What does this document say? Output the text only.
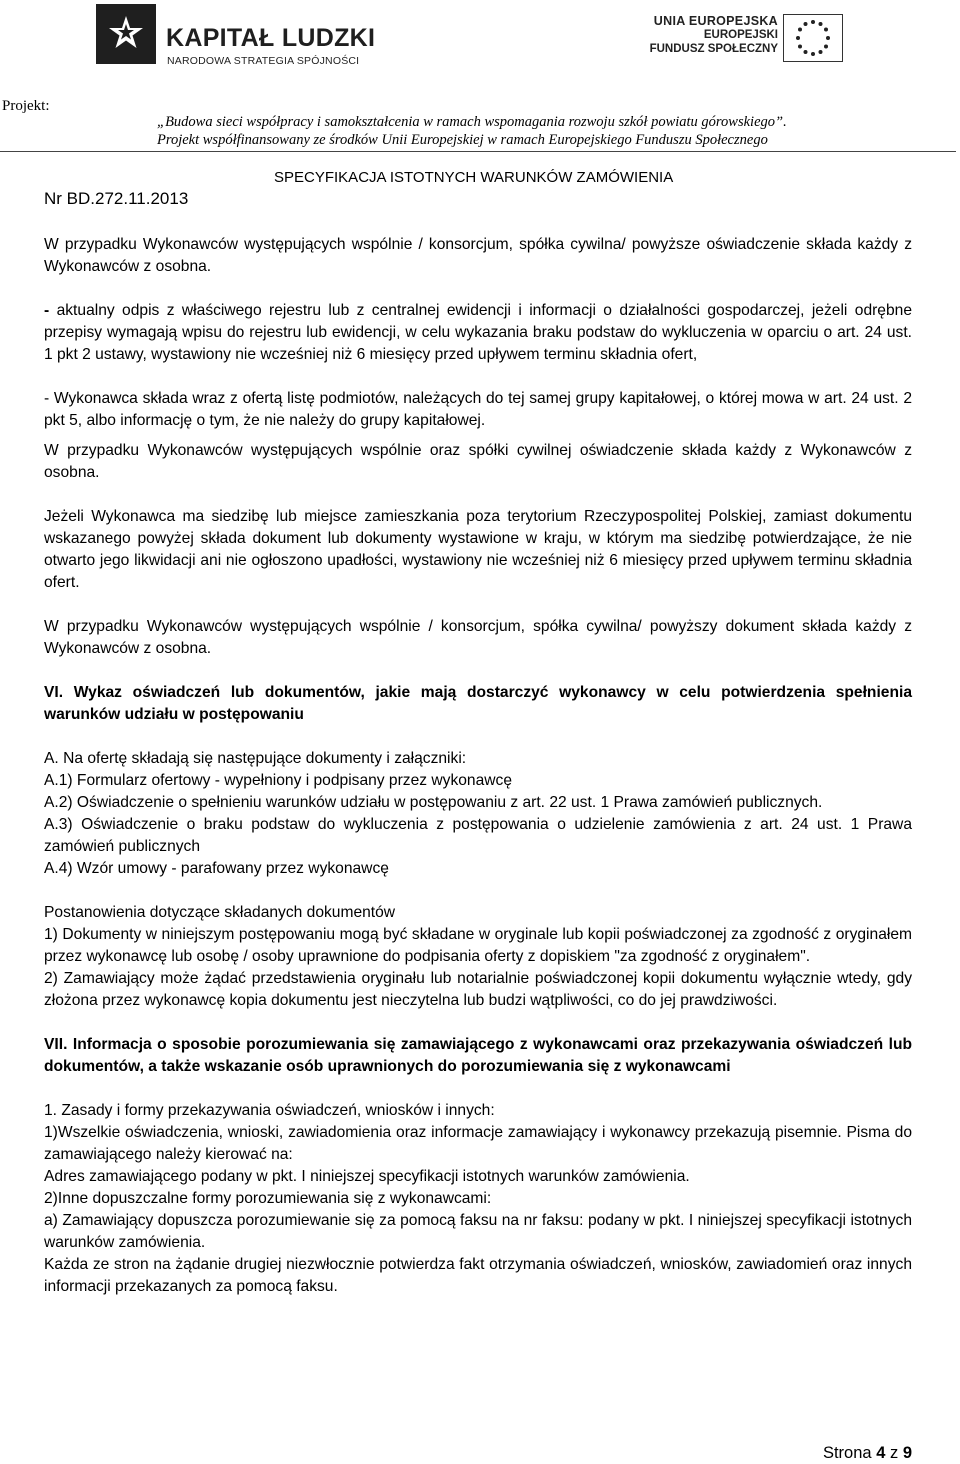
KAPITAŁ LUDZKI
NARODOWA STRATEGIA SPÓJNOŚCI
UNIA EUROPEJSKA
EUROPEJSKI
FUNDUSZ SPOŁECZNY
Projekt:
„Budowa sieci współpracy i samokształcenia w ramach wspomagania rozwoju szkół powiatu górowskiego”.
Projekt współfinansowany ze środków Unii Europejskiej w ramach Europejskiego Funduszu Społecznego
SPECYFIKACJA ISTOTNYCH WARUNKÓW ZAMÓWIENIA
Nr BD.272.11.2013

W przypadku Wykonawców występujących wspólnie / konsorcjum, spółka cywilna/ powyższe oświadczenie składa każdy z Wykonawców z osobna.

- aktualny odpis z właściwego rejestru lub z centralnej ewidencji i informacji o działalności gospodarczej, jeżeli odrębne przepisy wymagają wpisu do rejestru lub ewidencji, w celu wykazania braku podstaw do wykluczenia w oparciu o art. 24 ust. 1 pkt 2 ustawy, wystawiony nie wcześniej niż 6 miesięcy przed upływem terminu składnia ofert,

- Wykonawca składa wraz z ofertą listę podmiotów, należących do tej samej grupy kapitałowej, o której mowa w art. 24 ust. 2 pkt 5, albo informację o tym, że nie należy do grupy kapitałowej.

W przypadku Wykonawców występujących wspólnie oraz spółki cywilnej oświadczenie składa każdy z Wykonawców z osobna.

Jeżeli Wykonawca ma siedzibę lub miejsce zamieszkania poza terytorium Rzeczypospolitej Polskiej, zamiast dokumentu wskazanego powyżej składa dokument lub dokumenty wystawione w kraju, w którym ma siedzibę potwierdzające, że nie otwarto jego likwidacji ani nie ogłoszono upadłości, wystawiony nie wcześniej niż 6 miesięcy przed upływem terminu składnia ofert.

W przypadku Wykonawców występujących wspólnie / konsorcjum, spółka cywilna/ powyższy dokument składa każdy z Wykonawców z osobna.

VI. Wykaz oświadczeń lub dokumentów, jakie mają dostarczyć wykonawcy w celu potwierdzenia spełnienia warunków udziału w postępowaniu

A. Na ofertę składają się następujące dokumenty i załączniki:

A.1) Formularz ofertowy - wypełniony i podpisany przez wykonawcę

A.2) Oświadczenie o spełnieniu warunków udziału w postępowaniu z art. 22 ust. 1 Prawa zamówień publicznych.

A.3) Oświadczenie o braku podstaw do wykluczenia z postępowania o udzielenie zamówienia z art. 24 ust. 1 Prawa zamówień publicznych

A.4) Wzór umowy - parafowany przez wykonawcę

Postanowienia dotyczące składanych dokumentów

1) Dokumenty w niniejszym postępowaniu mogą być składane w oryginale lub kopii poświadczonej za zgodność z oryginałem przez wykonawcę lub osobę / osoby uprawnione do podpisania oferty z dopiskiem "za zgodność z oryginałem".

2) Zamawiający może żądać przedstawienia oryginału lub notarialnie poświadczonej kopii dokumentu wyłącznie wtedy, gdy złożona przez wykonawcę kopia dokumentu jest nieczytelna lub budzi wątpliwości, co do jej prawdziwości.

VII. Informacja o sposobie porozumiewania się zamawiającego z wykonawcami oraz przekazywania oświadczeń lub dokumentów, a także wskazanie osób uprawnionych do porozumiewania się z wykonawcami

1. Zasady i formy przekazywania oświadczeń, wniosków i innych:

1)Wszelkie oświadczenia, wnioski, zawiadomienia oraz informacje zamawiający i wykonawcy przekazują pisemnie. Pisma do zamawiającego należy kierować na:

Adres zamawiającego podany w pkt. I niniejszej specyfikacji istotnych warunków zamówienia.

2)Inne dopuszczalne formy porozumiewania się z wykonawcami:

a) Zamawiający dopuszcza porozumiewanie się za pomocą faksu na nr faksu: podany w pkt. I niniejszej specyfikacji istotnych warunków zamówienia.

Każda ze stron na żądanie drugiej niezwłocznie potwierdza fakt otrzymania oświadczeń, wniosków, zawiadomień oraz innych informacji przekazanych za pomocą faksu.

Strona 4 z 9
